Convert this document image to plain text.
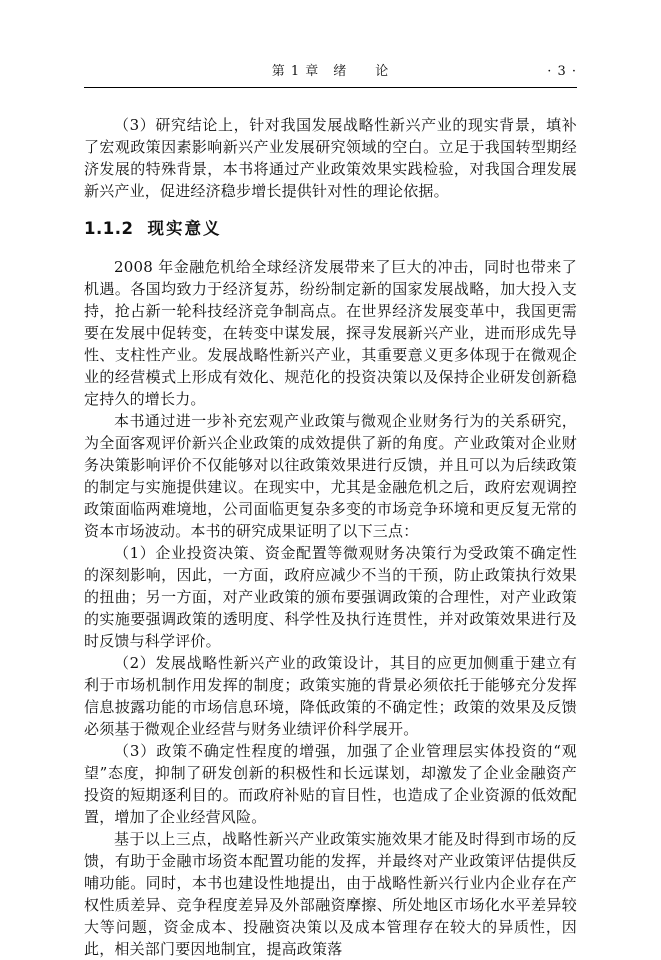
第 1 章　绪　　论	· 3 ·

（3）研究结论上，针对我国发展战略性新兴产业的现实背景，填补了宏观政策因素影响新兴产业发展研究领域的空白。立足于我国转型期经济发展的特殊背景，本书将通过产业政策效果实践检验，对我国合理发展新兴产业，促进经济稳步增长提供针对性的理论依据。

1.1.2 现实意义

2008 年金融危机给全球经济发展带来了巨大的冲击，同时也带来了机遇。各国均致力于经济复苏，纷纷制定新的国家发展战略，加大投入支持，抢占新一轮科技经济竞争制高点。在世界经济发展变革中，我国更需要在发展中促转变，在转变中谋发展，探寻发展新兴产业，进而形成先导性、支柱性产业。发展战略性新兴产业，其重要意义更多体现于在微观企业的经营模式上形成有效化、规范化的投资决策以及保持企业研发创新稳定持久的增长力。

本书通过进一步补充宏观产业政策与微观企业财务行为的关系研究，为全面客观评价新兴企业政策的成效提供了新的角度。产业政策对企业财务决策影响评价不仅能够对以往政策效果进行反馈，并且可以为后续政策的制定与实施提供建议。在现实中，尤其是金融危机之后，政府宏观调控政策面临两难境地，公司面临更复杂多变的市场竞争环境和更反复无常的资本市场波动。本书的研究成果证明了以下三点：

（1）企业投资决策、资金配置等微观财务决策行为受政策不确定性的深刻影响，因此，一方面，政府应减少不当的干预，防止政策执行效果的扭曲；另一方面，对产业政策的颁布要强调政策的合理性，对产业政策的实施要强调政策的透明度、科学性及执行连贯性，并对政策效果进行及时反馈与科学评价。

（2）发展战略性新兴产业的政策设计，其目的应更加侧重于建立有利于市场机制作用发挥的制度；政策实施的背景必须依托于能够充分发挥信息披露功能的市场信息环境，降低政策的不确定性；政策的效果及反馈必须基于微观企业经营与财务业绩评价科学展开。

（3）政策不确定性程度的增强，加强了企业管理层实体投资的“观望”态度，抑制了研发创新的积极性和长远谋划，却激发了企业金融资产投资的短期逐利目的。而政府补贴的盲目性，也造成了企业资源的低效配置，增加了企业经营风险。

基于以上三点，战略性新兴产业政策实施效果才能及时得到市场的反馈，有助于金融市场资本配置功能的发挥，并最终对产业政策评估提供反哺功能。同时，本书也建设性地提出，由于战略性新兴行业内企业存在产权性质差异、竞争程度差异及外部融资摩擦、所处地区市场化水平差异较大等问题，资金成本、投融资决策以及成本管理存在较大的异质性，因此，相关部门要因地制宜，提高政策落
